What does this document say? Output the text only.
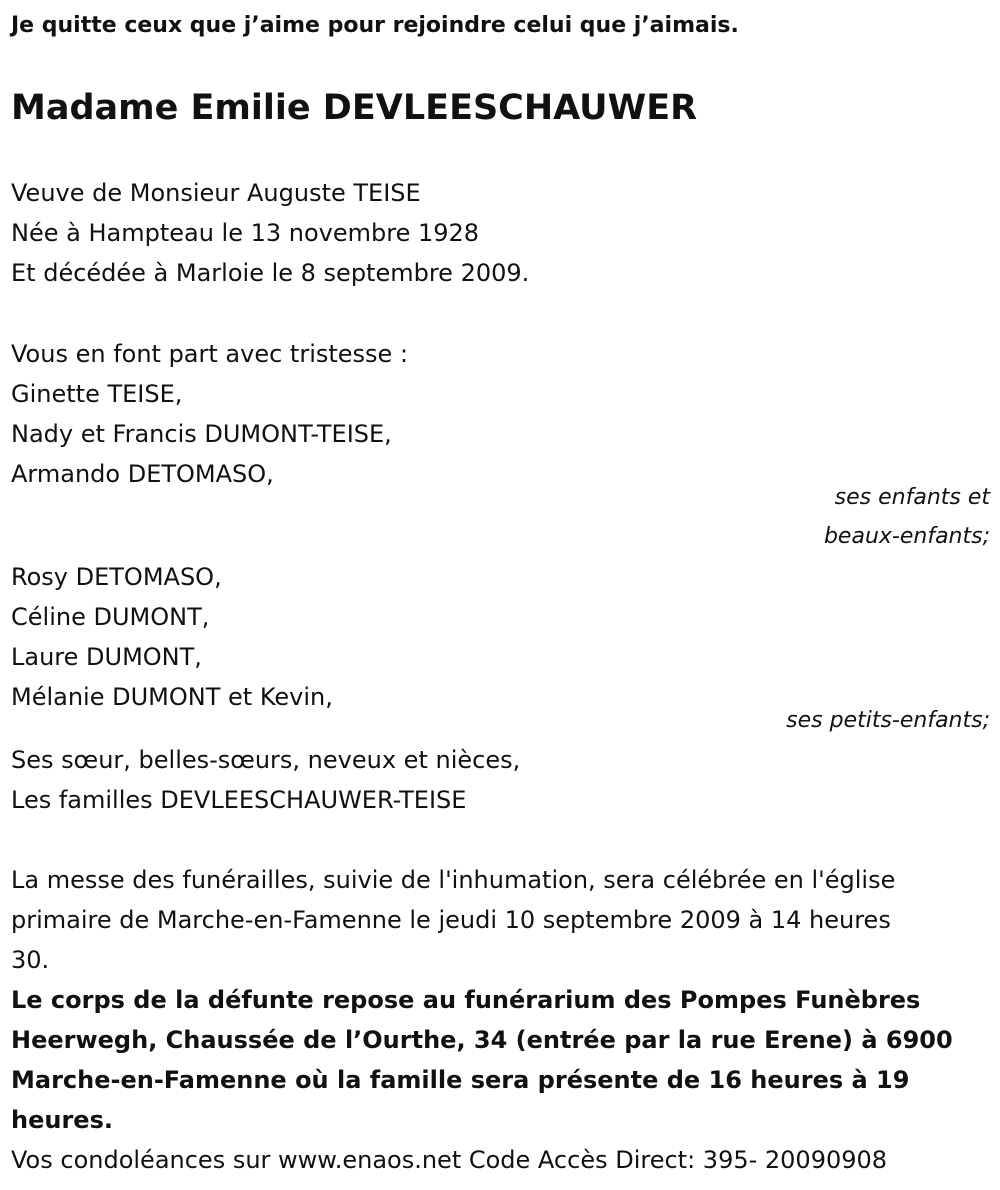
Je quitte ceux que j’aime pour rejoindre celui que j’aimais.
Madame Emilie DEVLEESCHAUWER
Veuve de Monsieur Auguste TEISE
Née à Hampteau le 13 novembre 1928
Et décédée à Marloie le 8 septembre 2009.
Vous en font part avec tristesse :
Ginette TEISE,
Nady et Francis DUMONT-TEISE,
Armando DETOMASO,
ses enfants et
beaux-enfants;
Rosy DETOMASO,
Céline DUMONT,
Laure DUMONT,
Mélanie DUMONT et Kevin,
ses petits-enfants;
Ses sœur, belles-sœurs, neveux et nièces,
Les familles DEVLEESCHAUWER-TEISE
La messe des funérailles, suivie de l'inhumation, sera célébrée en l'église
primaire de Marche-en-Famenne le jeudi 10 septembre 2009 à 14 heures
30.
Le corps de la défunte repose au funérarium des Pompes Funèbres
Heerwegh, Chaussée de l’Ourthe, 34 (entrée par la rue Erene) à 6900
Marche-en-Famenne où la famille sera présente de 16 heures à 19
heures.
Vos condoléances sur www.enaos.net Code Accès Direct: 395- 20090908
